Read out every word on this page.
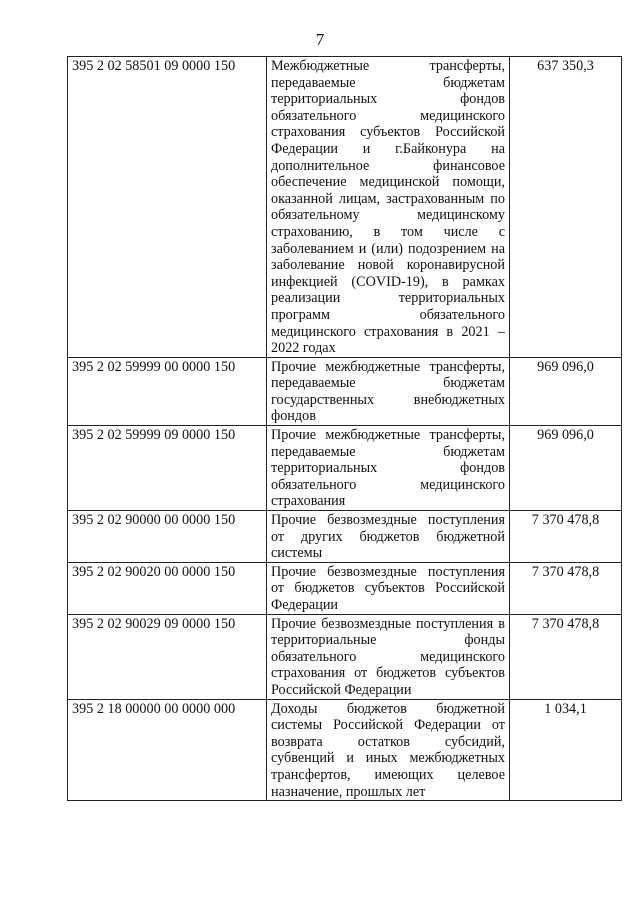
7
395 2 02 58501 09 0000 150	Межбюджетные трансферты, передаваемые бюджетам территориальных фондов обязательного медицинского страхования субъектов Российской Федерации и г.Байконура на дополнительное финансовое обеспечение медицинской помощи, оказанной лицам, застрахованным по обязательному медицинскому страхованию, в том числе с заболеванием и (или) подозрением на заболевание новой коронавирусной инфекцией (COVID-19), в рамках реализации территориальных программ обязательного медицинского страхования в 2021 – 2022 годах	637 350,3
395 2 02 59999 00 0000 150	Прочие межбюджетные трансферты, передаваемые бюджетам государственных внебюджетных фондов	969 096,0
395 2 02 59999 09 0000 150	Прочие межбюджетные трансферты, передаваемые бюджетам территориальных фондов обязательного медицинского страхования	969 096,0
395 2 02 90000 00 0000 150	Прочие безвозмездные поступления от других бюджетов бюджетной системы	7 370 478,8
395 2 02 90020 00 0000 150	Прочие безвозмездные поступления от бюджетов субъектов Российской Федерации	7 370 478,8
395 2 02 90029 09 0000 150	Прочие безвозмездные поступления в территориальные фонды обязательного медицинского страхования от бюджетов субъектов Российской Федерации	7 370 478,8
395 2 18 00000 00 0000 000	Доходы бюджетов бюджетной системы Российской Федерации от возврата остатков субсидий, субвенций и иных межбюджетных трансфертов, имеющих целевое назначение, прошлых лет	1 034,1
